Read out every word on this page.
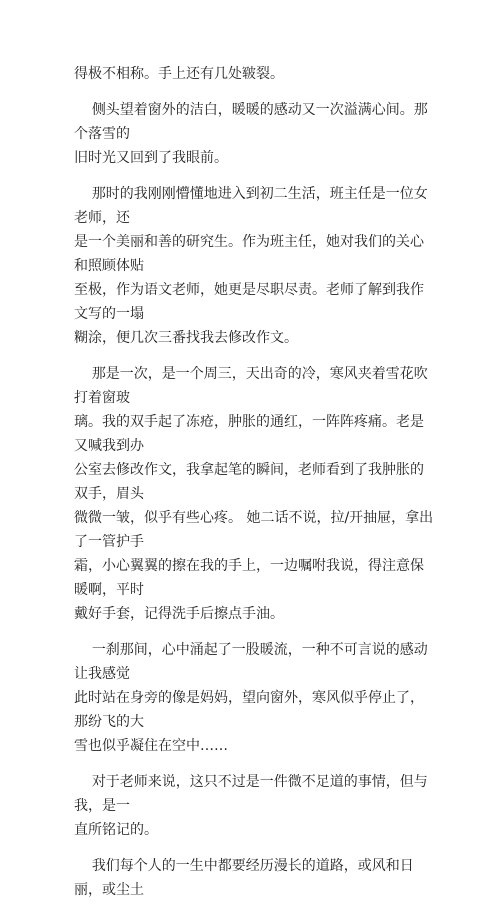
得极不相称。手上还有几处皲裂。

侧头望着窗外的洁白，暖暖的感动又一次溢满心间。那个落雪的
旧时光又回到了我眼前。

那时的我刚刚懵懂地进入到初二生活，班主任是一位女老师，还
是一个美丽和善的研究生。作为班主任，她对我们的关心和照顾体贴
至极，作为语文老师，她更是尽职尽责。老师了解到我作文写的一塌
糊涂，便几次三番找我去修改作文。

那是一次，是一个周三，天出奇的冷，寒风夹着雪花吹打着窗玻
璃。我的双手起了冻疮，肿胀的通红，一阵阵疼痛。老是又喊我到办
公室去修改作文，我拿起笔的瞬间，老师看到了我肿胀的双手，眉头
微微一皱，似乎有些心疼。 她二话不说，拉/开抽屉，拿出了一管护手
霜，小心翼翼的擦在我的手上，一边嘱咐我说，得注意保暖啊，平时
戴好手套，记得洗手后擦点手油。

一刹那间，心中涌起了一股暖流，一种不可言说的感动让我感觉
此时站在身旁的像是妈妈，望向窗外，寒风似乎停止了，那纷飞的大
雪也似乎凝住在空中……

对于老师来说，这只不过是一件微不足道的事情，但与我，是一
直所铭记的。

我们每个人的一生中都要经历漫长的道路，或风和日丽，或尘土
